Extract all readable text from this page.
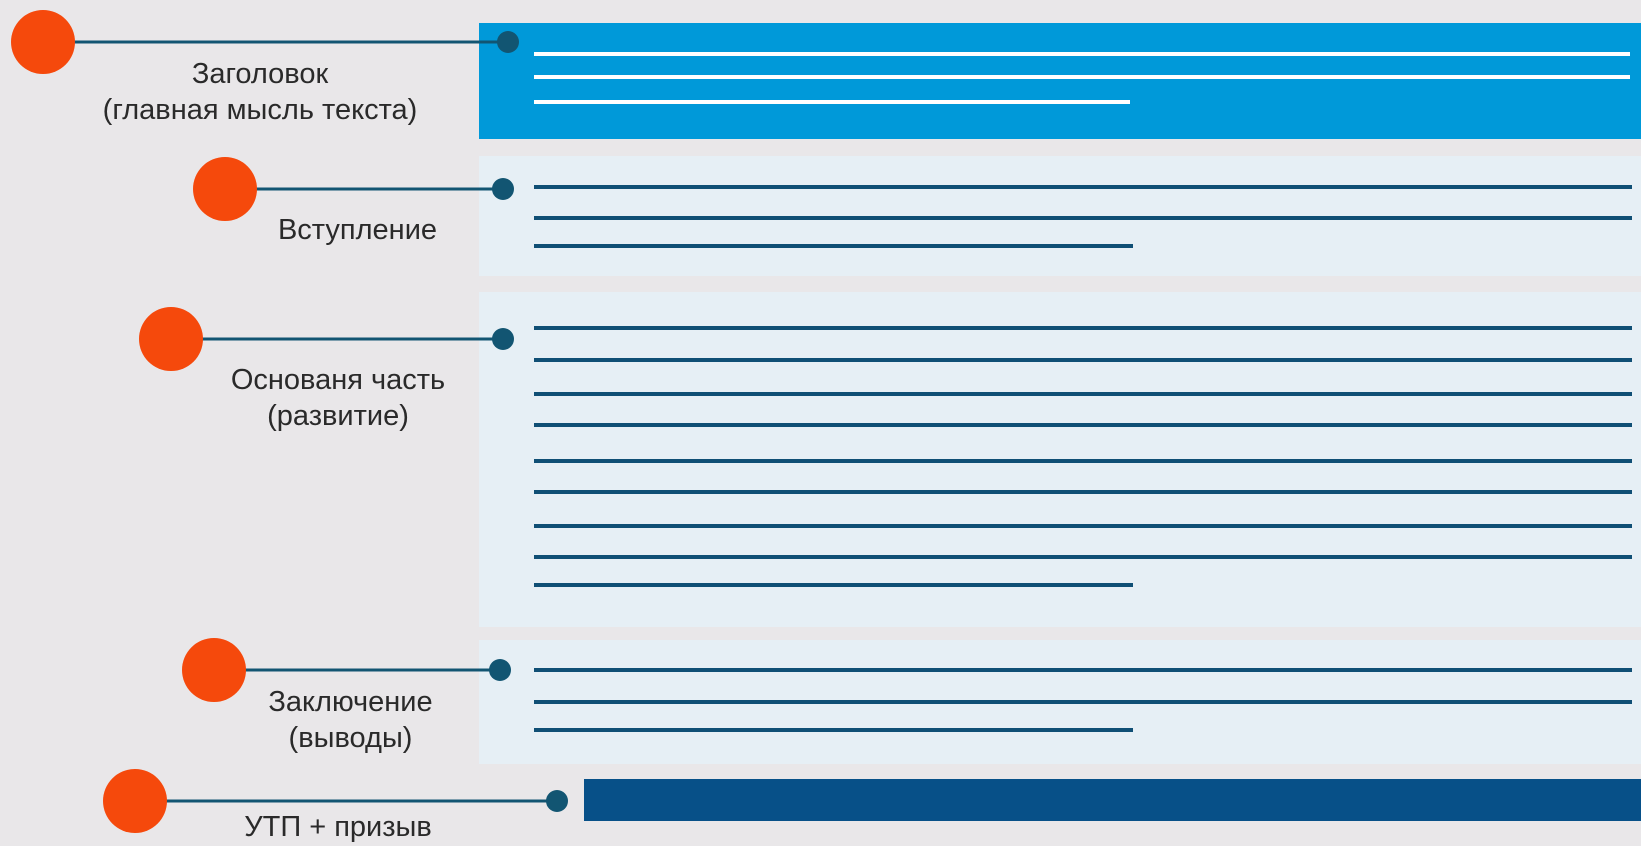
Заголовок
(главная мысль текста)
Вступление
Основаня часть
(развитие)
Заключение
(выводы)
УТП + призыв
